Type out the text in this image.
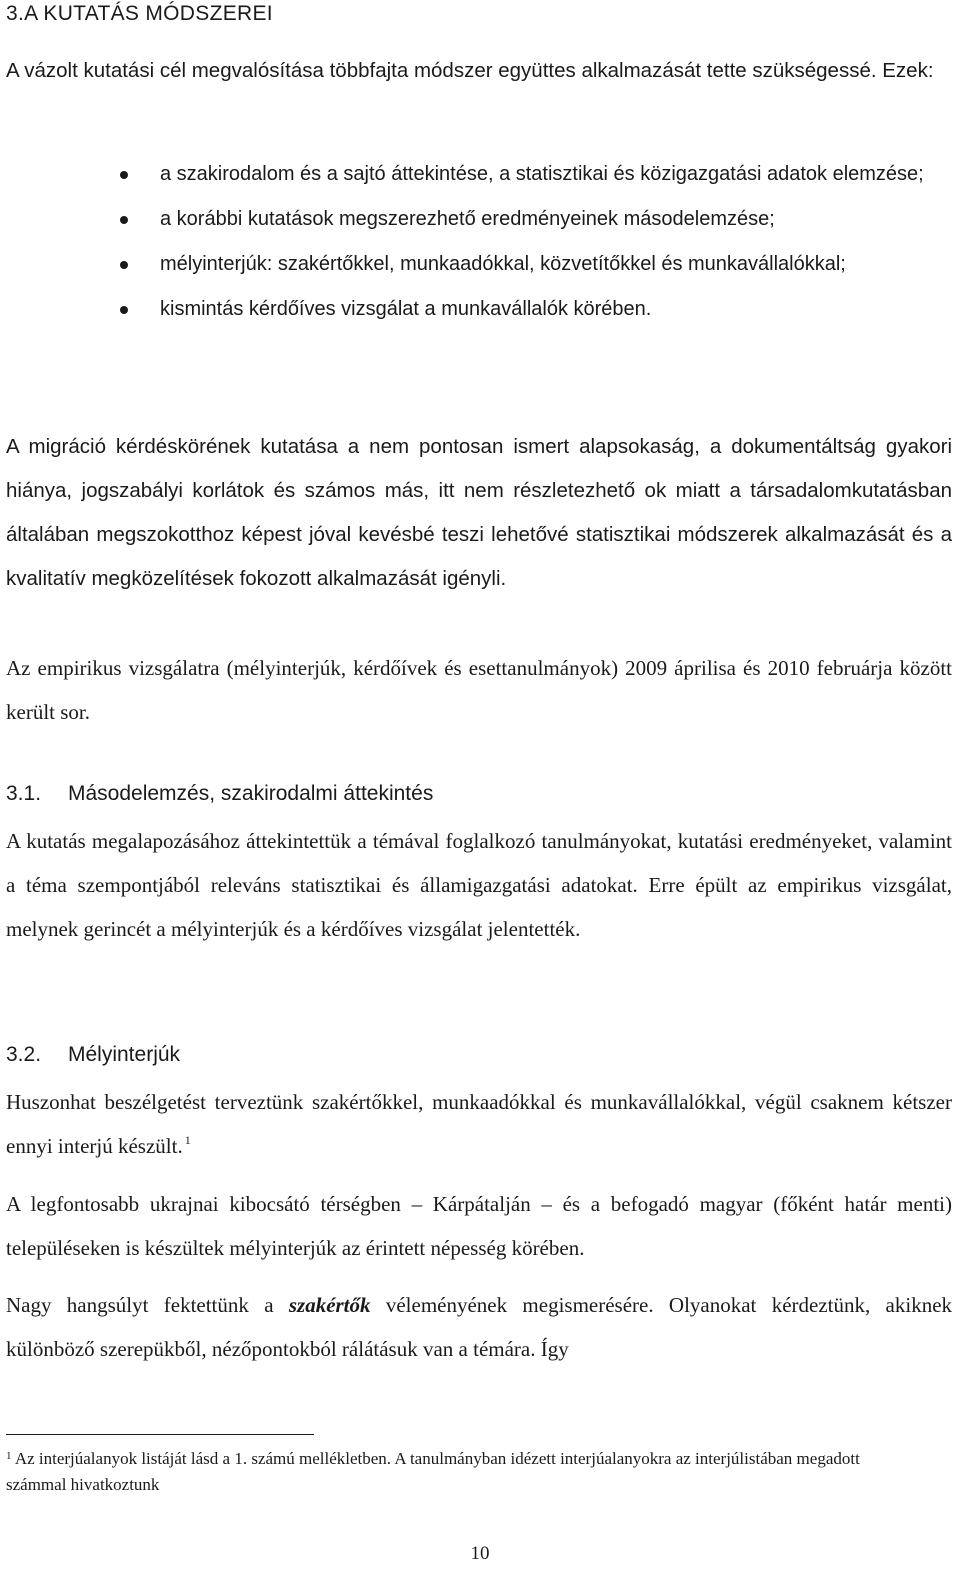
3.A KUTATÁS MÓDSZEREI
A vázolt kutatási cél megvalósítása többfajta módszer együttes alkalmazását tette szükségessé. Ezek:
a szakirodalom és a sajtó áttekintése, a statisztikai és közigazgatási adatok elemzése;
a korábbi kutatások megszerezhető eredményeinek másodelemzése;
mélyinterjúk: szakértőkkel, munkaadókkal, közvetítőkkel és munkavállalókkal;
kismintás kérdőíves vizsgálat a munkavállalók körében.
A migráció kérdéskörének kutatása a nem pontosan ismert alapsokaság, a dokumentáltság gyakori hiánya, jogszabályi korlátok és számos más, itt nem részletezhető ok miatt a társadalomkutatásban általában megszokotthoz képest jóval kevésbé teszi lehetővé statisztikai módszerek alkalmazását és a kvalitatív megközelítések fokozott alkalmazását igényli.
Az empirikus vizsgálatra (mélyinterjúk, kérdőívek és esettanulmányok) 2009 áprilisa és 2010 februárja között került sor.
3.1. Másodelemzés, szakirodalmi áttekintés
A kutatás megalapozásához áttekintettük a témával foglalkozó tanulmányokat, kutatási eredményeket, valamint a téma szempontjából releváns statisztikai és államigazgatási adatokat. Erre épült az empirikus vizsgálat, melynek gerincét a mélyinterjúk és a kérdőíves vizsgálat jelentették.
3.2. Mélyinterjúk
Huszonhat beszélgetést terveztünk szakértőkkel, munkaadókkal és munkavállalókkal, végül csaknem kétszer ennyi interjú készült. $^1$
A legfontosabb ukrajnai kibocsátó térségben – Kárpátalján – és a befogadó magyar (főként határ menti) településeken is készültek mélyinterjúk az érintett népesség körében.
Nagy hangsúlyt fektettünk a szakértők véleményének megismerésére. Olyanokat kérdeztünk, akiknek különböző szerepükből, nézőpontokból rálátásuk van a témára. Így
$^1$ Az interjúalanyok listáját lásd a 1. számú mellékletben. A tanulmányban idézett interjúalanyokra az interjúlistában megadott számmal hivatkoztunk
10
